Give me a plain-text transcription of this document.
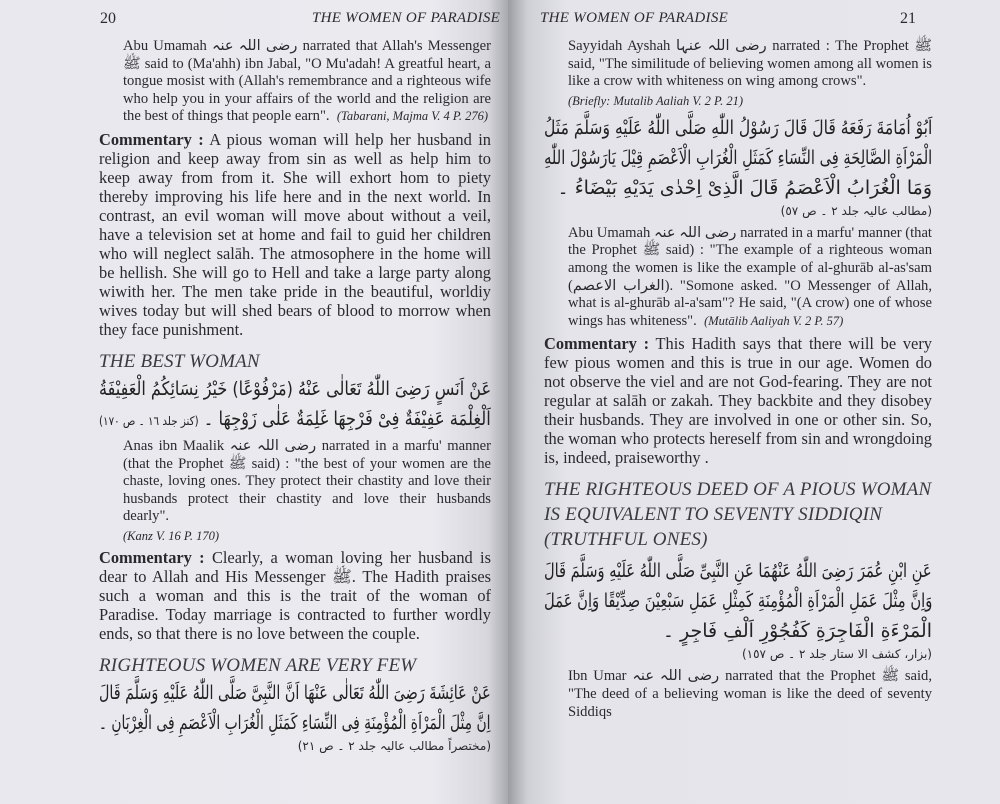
20	THE WOMEN OF PARADISE
Abu Umamah رضی اللہ عنہ narrated that Allah's Messenger ﷺ said to (Ma'ahh) ibn Jabal, "O Mu'adah! A greatful heart, a tongue mosist with (Allah's remembrance and a righteous wife who help you in your affairs of the world and the religion are the best of things that people earn". (Tabarani, Majma V. 4 P. 276)
Commentary : A pious woman will help her husband in religion and keep away from sin as well as help him to keep away from from it. She will exhort hom to piety thereby improving his life here and in the next world. In contrast, an evil woman will move about without a veil, have a television set at home and fail to guid her children who will neglect salāh. The atmosophere in the home will be hellish. She will go to Hell and take a large party along wiwith her. The men take pride in the beautiful, worldiy wives today but will shed bears of blood to morrow when they face punishment.
THE BEST WOMAN
عَنْ اَنَسٍ رَضِیَ اللّٰهُ تَعَالٰی عَنْهُ (مَرْفُوْعًا) خَیْرُ نِسَائِکُمُ الْعَفِیْفَةُ
اَلْغِلْمَة عَفِیْفَةٌ فِیْ فَرْجِهَا غَلِمَةٌ عَلٰی زَوْجِهَا ۔ (کنز جلد ١٦ ۔ ص ١٧٠)
Anas ibn Maalik رضی اللہ عنہ narrated in a marfu' manner (that the Prophet ﷺ said) : "the best of your women are the chaste, loving ones. They protect their chastity and love their husbands protect their chastity and love their husbands dearly".
(Kanz V. 16 P. 170)
Commentary : Clearly, a woman loving her husband is dear to Allah and His Messenger ﷺ. The Hadith praises such a woman and this is the trait of the woman of Paradise. Today marriage is contracted to further wordly ends, so that there is no love between the couple.
RIGHTEOUS WOMEN ARE VERY FEW
عَنْ عَائِشَةَ رَضِیَ اللّٰهُ تَعَالٰی عَنْهَا اَنَّ النَّبِیَّ صَلَّی اللّٰهُ عَلَیْهِ وَسَلَّمَ قَالَ
اِنَّ مِثْلَ الْمَرْاَةِ الْمُؤْمِنَةِ فِی النِّسَاءِ كَمَثَلِ الْغُرَابِ الْاَعْصَمِ فِی الْغِرْبَانِ ۔
(مختصراً مطالب عالیہ جلد ٢ ۔ ص ٢١)
THE WOMEN OF PARADISE	21
Sayyidah Ayshah رضی اللہ عنہا narrated : The Prophet ﷺ said, "The similitude of believing women among all women is like a crow with whiteness on wing among crows".
(Briefly: Mutalib Aaliah V. 2 P. 21)
اَبُوْ اُمَامَةَ رَفَعَهُ قَالَ قَالَ رَسُوْلُ اللّٰهِ صَلَّی اللّٰهُ عَلَیْهِ وَسَلَّمَ مَثَلُ
الْمَرْاَةِ الصَّالِحَةِ فِی النِّسَاءِ كَمَثَلِ الْغُرَابِ الْاَعْصَمِ قِیْلَ یَارَسُوْلَ اللّٰهِ
وَمَا الْغُرَابُ الْاَعْصَمُ قَالَ الَّذِیْ اِحْدٰی یَدَیْهِ بَیْضَاءُ ۔
(مطالب عالیہ جلد ٢ ۔ ص ٥٧)
Abu Umamah رضی اللہ عنہ narrated in a marfu' manner (that the Prophet ﷺ said) : "The example of a righteous woman among the women is like the example of al-ghurāb al-as'sam (الغراب الاعصم). "Somone asked. "O Messenger of Allah, what is al-ghurāb al-a'sam"? He said, "(A crow) one of whose wings has whiteness". (Mutālib Aaliyah V. 2 P. 57)
Commentary : This Hadith says that there will be very few pious women and this is true in our age. Women do not observe the viel and are not God-fearing. They are not regular at salāh or zakah. They backbite and they disobey their husbands. They are involved in one or other sin. So, the woman who protects hereself from sin and wrongdoing is, indeed, praiseworthy .
THE RIGHTEOUS DEED OF A PIOUS WOMAN
IS EQUIVALENT TO SEVENTY SIDDIQIN
(TRUTHFUL ONES)
عَنِ ابْنِ عُمَرَ رَضِیَ اللّٰهُ عَنْهُمَا عَنِ النَّبِیِّ صَلَّی اللّٰهُ عَلَیْهِ وَسَلَّمَ قَالَ
وَاِنَّ مِثْلَ عَمَلِ الْمَرْاَةِ الْمُؤْمِنَةِ كَمِثْلِ عَمَلِ سَبْعِیْنَ صِدِّیْقًا وَاِنَّ عَمَلَ
الْمَرْءَةِ الْفَاجِرَةِ كَفُجُوْرِ اَلْفِ فَاجِرٍ ۔
(بزار، کشف الا ستار جلد ٢ ۔ ص ١٥٧)
Ibn Umar رضی اللہ عنہ narrated that the Prophet ﷺ said, "The deed of a believing woman is like the deed of seventy Siddiqs
